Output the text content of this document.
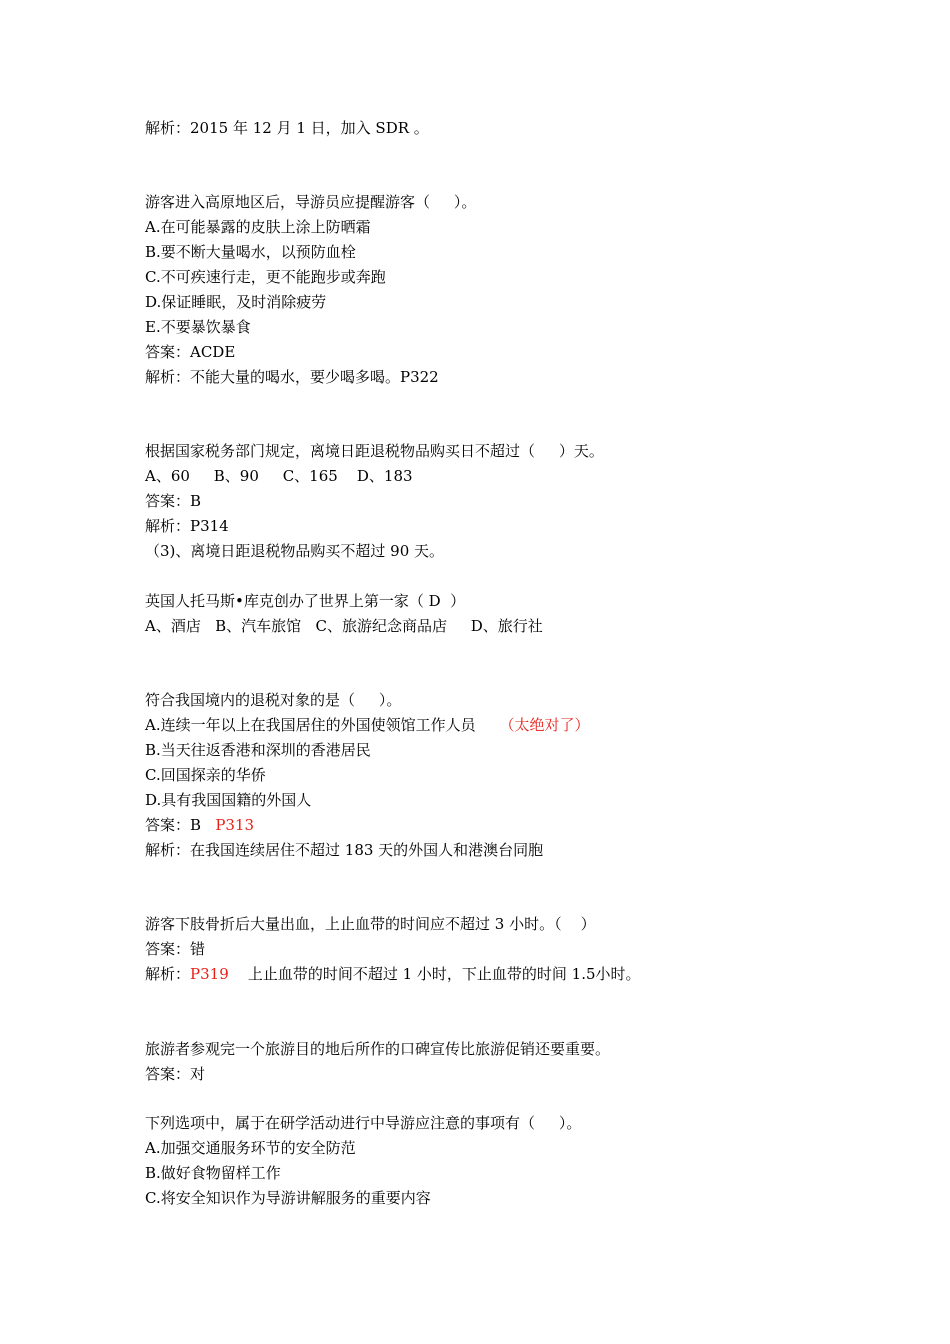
解析：2015 年 12 月 1 日，加入 SDR 。
游客进入高原地区后，导游员应提醒游客（     ）。
A.在可能暴露的皮肤上涂上防晒霜
B.要不断大量喝水，以预防血栓
C.不可疾速行走，更不能跑步或奔跑
D.保证睡眠，及时消除疲劳
E.不要暴饮暴食
答案：ACDE
解析：不能大量的喝水，要少喝多喝。P322
根据国家税务部门规定，离境日距退税物品购买日不超过（     ）天。
A、60     B、90     C、165    D、183
答案：B
解析：P314
（3)、离境日距退税物品购买不超过 90 天。
英国人托马斯•库克创办了世界上第一家（ D  ）
A、酒店   B、汽车旅馆   C、旅游纪念商品店     D、旅行社
符合我国境内的退税对象的是（     ）。
A.连续一年以上在我国居住的外国使领馆工作人员     （太绝对了）
B.当天往返香港和深圳的香港居民
C.回国探亲的华侨
D.具有我国国籍的外国人
答案：B   P313
解析：在我国连续居住不超过 183 天的外国人和港澳台同胞
游客下肢骨折后大量出血，上止血带的时间应不超过 3 小时。（    ）
答案：错
解析：P319    上止血带的时间不超过 1 小时，下止血带的时间 1.5小时。
旅游者参观完一个旅游目的地后所作的口碑宣传比旅游促销还要重要。
答案：对
下列选项中，属于在研学活动进行中导游应注意的事项有（     ）。
A.加强交通服务环节的安全防范
B.做好食物留样工作
C.将安全知识作为导游讲解服务的重要内容
